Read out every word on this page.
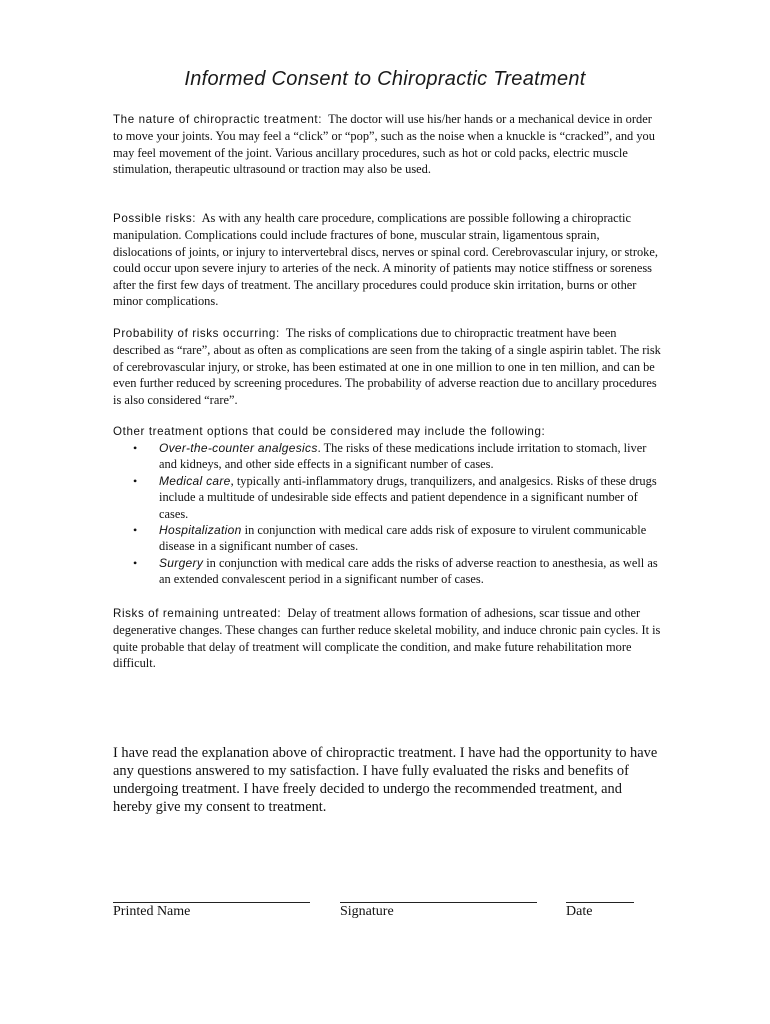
Informed Consent to Chiropractic Treatment

The nature of chiropractic treatment: The doctor will use his/her hands or a mechanical device in order to move your joints. You may feel a “click” or “pop”, such as the noise when a knuckle is “cracked”, and you may feel movement of the joint. Various ancillary procedures, such as hot or cold packs, electric muscle stimulation, therapeutic ultrasound or traction may also be used.

Possible risks: As with any health care procedure, complications are possible following a chiropractic manipulation. Complications could include fractures of bone, muscular strain, ligamentous sprain, dislocations of joints, or injury to intervertebral discs, nerves or spinal cord. Cerebrovascular injury, or stroke, could occur upon severe injury to arteries of the neck. A minority of patients may notice stiffness or soreness after the first few days of treatment. The ancillary procedures could produce skin irritation, burns or other minor complications.

Probability of risks occurring: The risks of complications due to chiropractic treatment have been described as “rare”, about as often as complications are seen from the taking of a single aspirin tablet. The risk of cerebrovascular injury, or stroke, has been estimated at one in one million to one in ten million, and can be even further reduced by screening procedures. The probability of adverse reaction due to ancillary procedures is also considered “rare”.

Other treatment options that could be considered may include the following:

• Over-the-counter analgesics. The risks of these medications include irritation to stomach, liver and kidneys, and other side effects in a significant number of cases.
• Medical care, typically anti-inflammatory drugs, tranquilizers, and analgesics. Risks of these drugs include a multitude of undesirable side effects and patient dependence in a significant number of cases.
• Hospitalization in conjunction with medical care adds risk of exposure to virulent communicable disease in a significant number of cases.
• Surgery in conjunction with medical care adds the risks of adverse reaction to anesthesia, as well as an extended convalescent period in a significant number of cases.

Risks of remaining untreated: Delay of treatment allows formation of adhesions, scar tissue and other degenerative changes. These changes can further reduce skeletal mobility, and induce chronic pain cycles. It is quite probable that delay of treatment will complicate the condition, and make future rehabilitation more difficult.

I have read the explanation above of chiropractic treatment. I have had the opportunity to have any questions answered to my satisfaction. I have fully evaluated the risks and benefits of undergoing treatment. I have freely decided to undergo the recommended treatment, and hereby give my consent to treatment.

Printed Name	Signature	Date
